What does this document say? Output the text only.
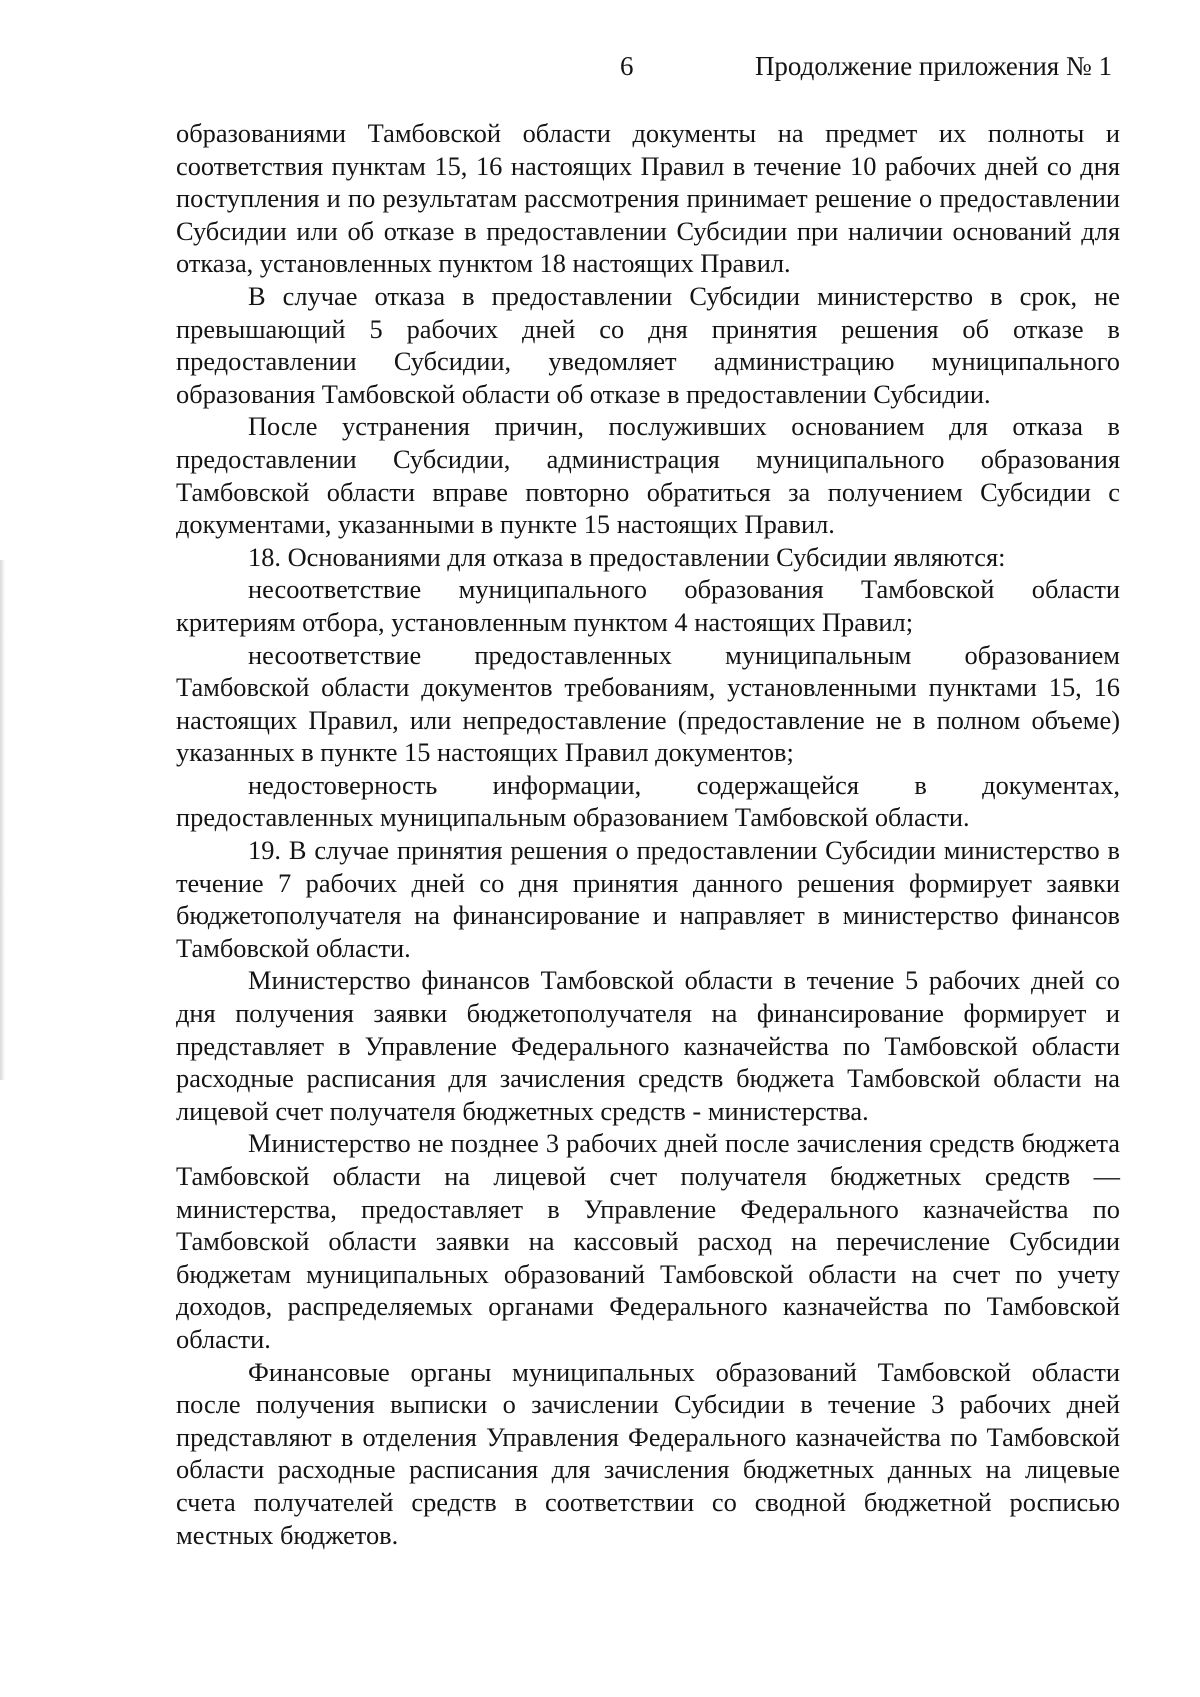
6	Продолжение приложения № 1

образованиями Тамбовской области документы на предмет их полноты и соответствия пунктам 15, 16 настоящих Правил в течение 10 рабочих дней со дня поступления и по результатам рассмотрения принимает решение о предоставлении Субсидии или об отказе в предоставлении Субсидии при наличии оснований для отказа, установленных пунктом 18 настоящих Правил.

В случае отказа в предоставлении Субсидии министерство в срок, не превышающий 5 рабочих дней со дня принятия решения об отказе в предоставлении Субсидии, уведомляет администрацию муниципального образования Тамбовской области об отказе в предоставлении Субсидии.

После устранения причин, послуживших основанием для отказа в предоставлении Субсидии, администрация муниципального образования Тамбовской области вправе повторно обратиться за получением Субсидии с документами, указанными в пункте 15 настоящих Правил.

18. Основаниями для отказа в предоставлении Субсидии являются:

несоответствие муниципального образования Тамбовской области критериям отбора, установленным пунктом 4 настоящих Правил;

несоответствие предоставленных муниципальным образованием Тамбовской области документов требованиям, установленными пунктами 15, 16 настоящих Правил, или непредоставление (предоставление не в полном объеме) указанных в пункте 15 настоящих Правил документов;

недостоверность информации, содержащейся в документах, предоставленных муниципальным образованием Тамбовской области.

19. В случае принятия решения о предоставлении Субсидии министерство в течение 7 рабочих дней со дня принятия данного решения формирует заявки бюджетополучателя на финансирование и направляет в министерство финансов Тамбовской области.

Министерство финансов Тамбовской области в течение 5 рабочих дней со дня получения заявки бюджетополучателя на финансирование формирует и представляет в Управление Федерального казначейства по Тамбовской области расходные расписания для зачисления средств бюджета Тамбовской области на лицевой счет получателя бюджетных средств - министерства.

Министерство не позднее 3 рабочих дней после зачисления средств бюджета Тамбовской области на лицевой счет получателя бюджетных средств — министерства, предоставляет в Управление Федерального казначейства по Тамбовской области заявки на кассовый расход на перечисление Субсидии бюджетам муниципальных образований Тамбовской области на счет по учету доходов, распределяемых органами Федерального казначейства по Тамбовской области.

Финансовые органы муниципальных образований Тамбовской области после получения выписки о зачислении Субсидии в течение 3 рабочих дней представляют в отделения Управления Федерального казначейства по Тамбовской области расходные расписания для зачисления бюджетных данных на лицевые счета получателей средств в соответствии со сводной бюджетной росписью местных бюджетов.
